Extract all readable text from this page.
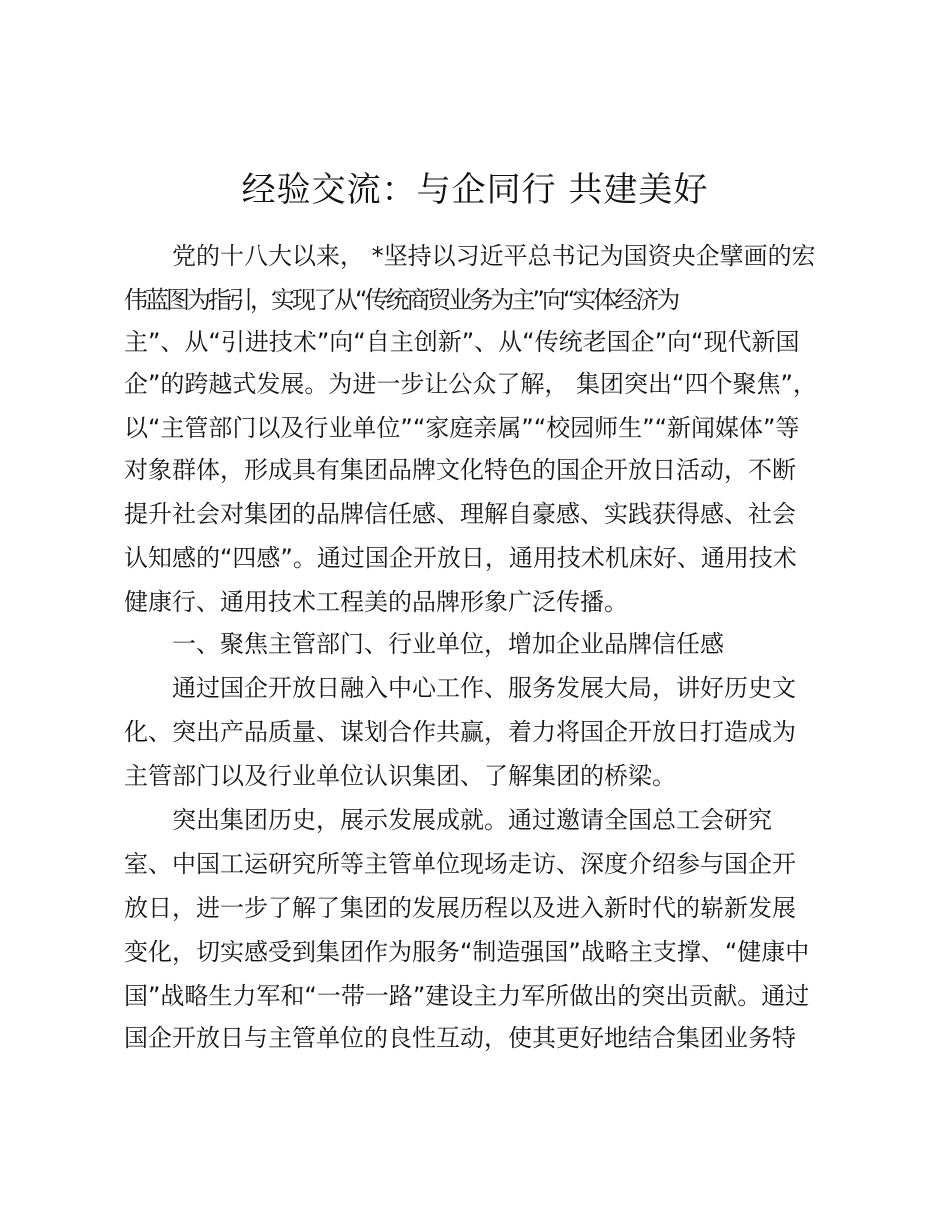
经验交流：与企同行 共建美好
党的十八大以来， *坚持以习近平总书记为国资央企擘画的宏
伟蓝图为指引，实现了从“传统商贸业务为主”向“实体经济为
主”、从“引进技术”向“自主创新”、从“传统老国企”向“现代新国
企”的跨越式发展。为进一步让公众了解， 集团突出“四个聚焦”，
以“主管部门以及行业单位”“家庭亲属”“校园师生”“新闻媒体”等
对象群体，形成具有集团品牌文化特色的国企开放日活动，不断
提升社会对集团的品牌信任感、理解自豪感、实践获得感、社会
认知感的“四感”。通过国企开放日，通用技术机床好、通用技术
健康行、通用技术工程美的品牌形象广泛传播。
一、聚焦主管部门、行业单位，增加企业品牌信任感
通过国企开放日融入中心工作、服务发展大局，讲好历史文
化、突出产品质量、谋划合作共赢，着力将国企开放日打造成为
主管部门以及行业单位认识集团、了解集团的桥梁。
突出集团历史，展示发展成就。通过邀请全国总工会研究
室、中国工运研究所等主管单位现场走访、深度介绍参与国企开
放日，进一步了解了集团的发展历程以及进入新时代的崭新发展
变化，切实感受到集团作为服务“制造强国”战略主支撑、“健康中
国”战略生力军和“一带一路”建设主力军所做出的突出贡献。通过
国企开放日与主管单位的良性互动，使其更好地结合集团业务特
